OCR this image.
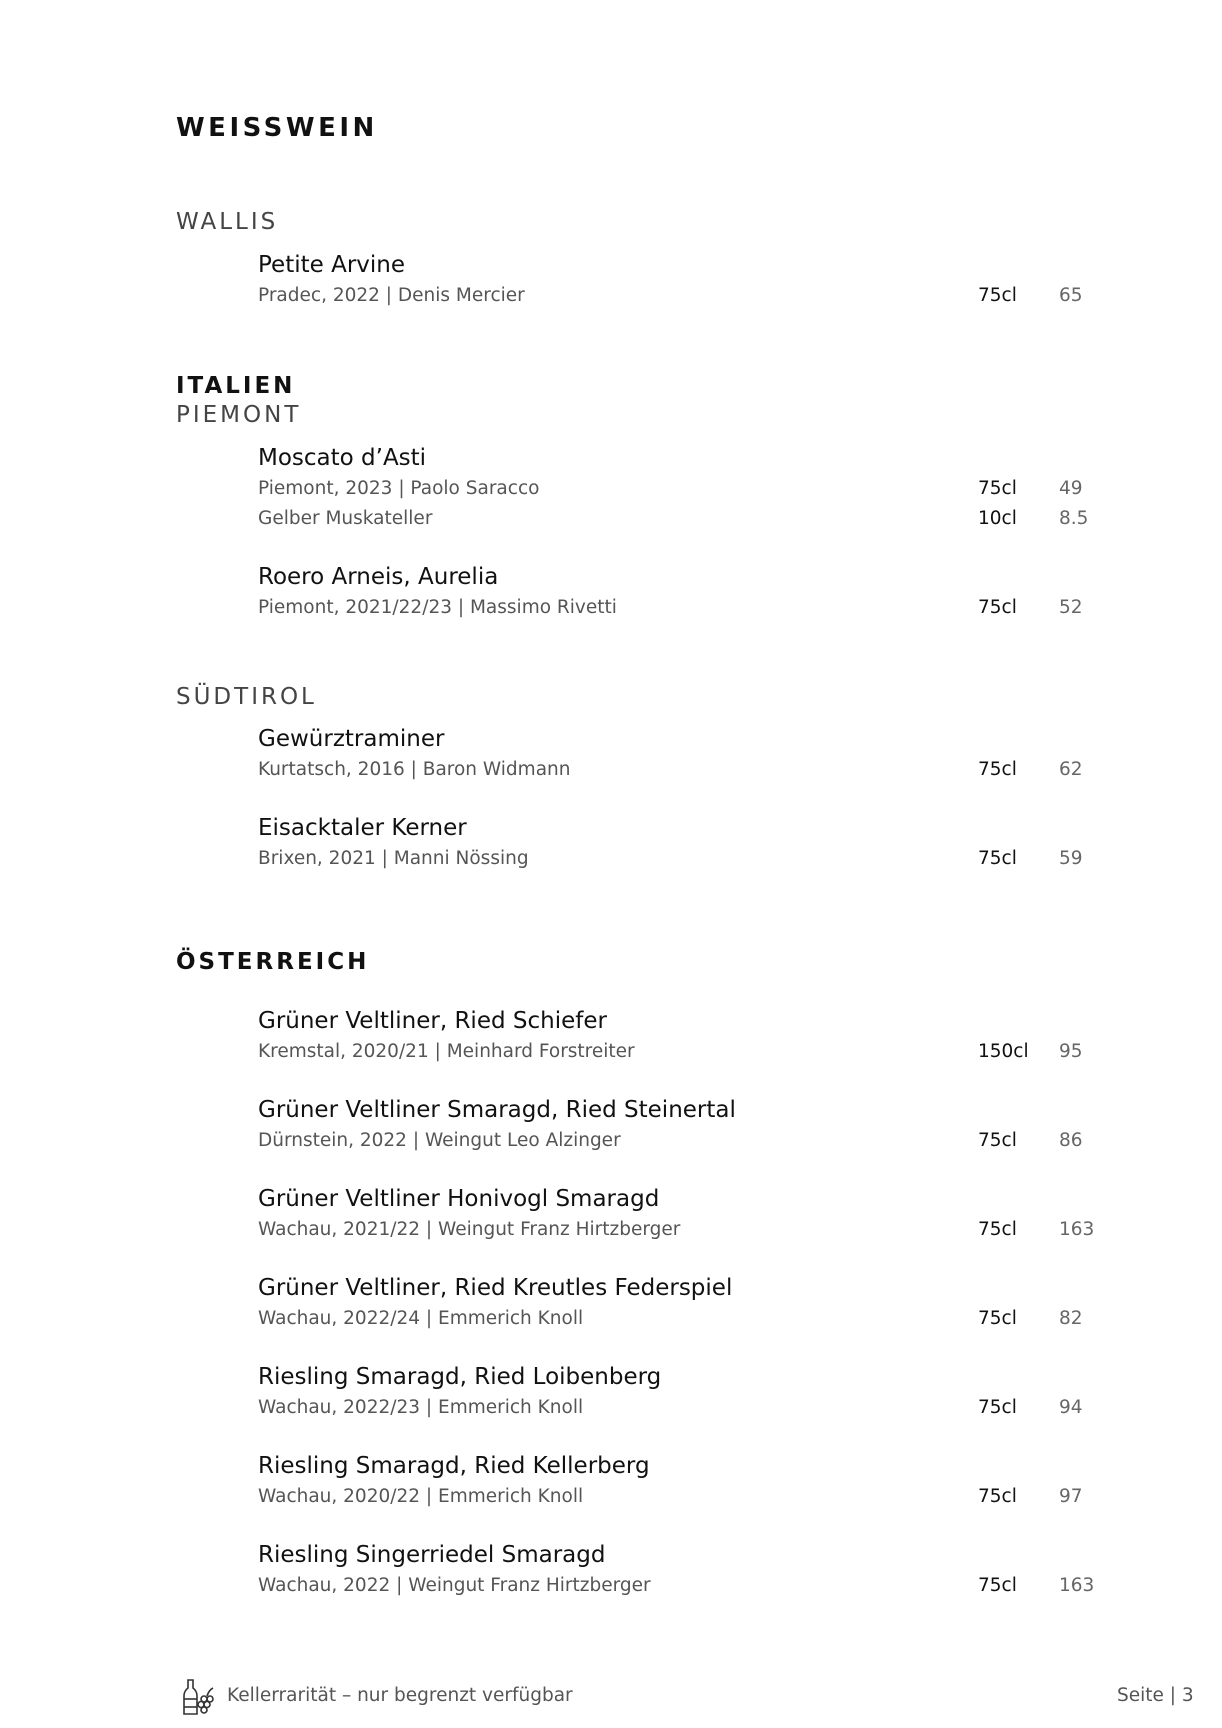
WEISSWEIN
WALLIS
Petite Arvine
Pradec, 2022 | Denis Mercier	75cl 65
ITALIEN
PIEMONT
Moscato d’Asti
Piemont, 2023 | Paolo Saracco	75cl 49
Gelber Muskateller	10cl 8.5
Roero Arneis, Aurelia
Piemont, 2021/22/23 | Massimo Rivetti	75cl 52
SÜDTIROL
Gewürztraminer
Kurtatsch, 2016 | Baron Widmann	75cl 62
Eisacktaler Kerner
Brixen, 2021 | Manni Nössing	75cl 59
ÖSTERREICH
Grüner Veltliner, Ried Schiefer
Kremstal, 2020/21 | Meinhard Forstreiter	150cl 95
Grüner Veltliner Smaragd, Ried Steinertal
Dürnstein, 2022 | Weingut Leo Alzinger	75cl 86
Grüner Veltliner Honivogl Smaragd
Wachau, 2021/22 | Weingut Franz Hirtzberger	75cl 163
Grüner Veltliner, Ried Kreutles Federspiel
Wachau, 2022/24 | Emmerich Knoll	75cl 82
Riesling Smaragd, Ried Loibenberg
Wachau, 2022/23 | Emmerich Knoll	75cl 94
Riesling Smaragd, Ried Kellerberg
Wachau, 2020/22 | Emmerich Knoll	75cl 97
Riesling Singerriedel Smaragd
Wachau, 2022 | Weingut Franz Hirtzberger	75cl 163
Kellerrarität – nur begrenzt verfügbar	Seite | 3
